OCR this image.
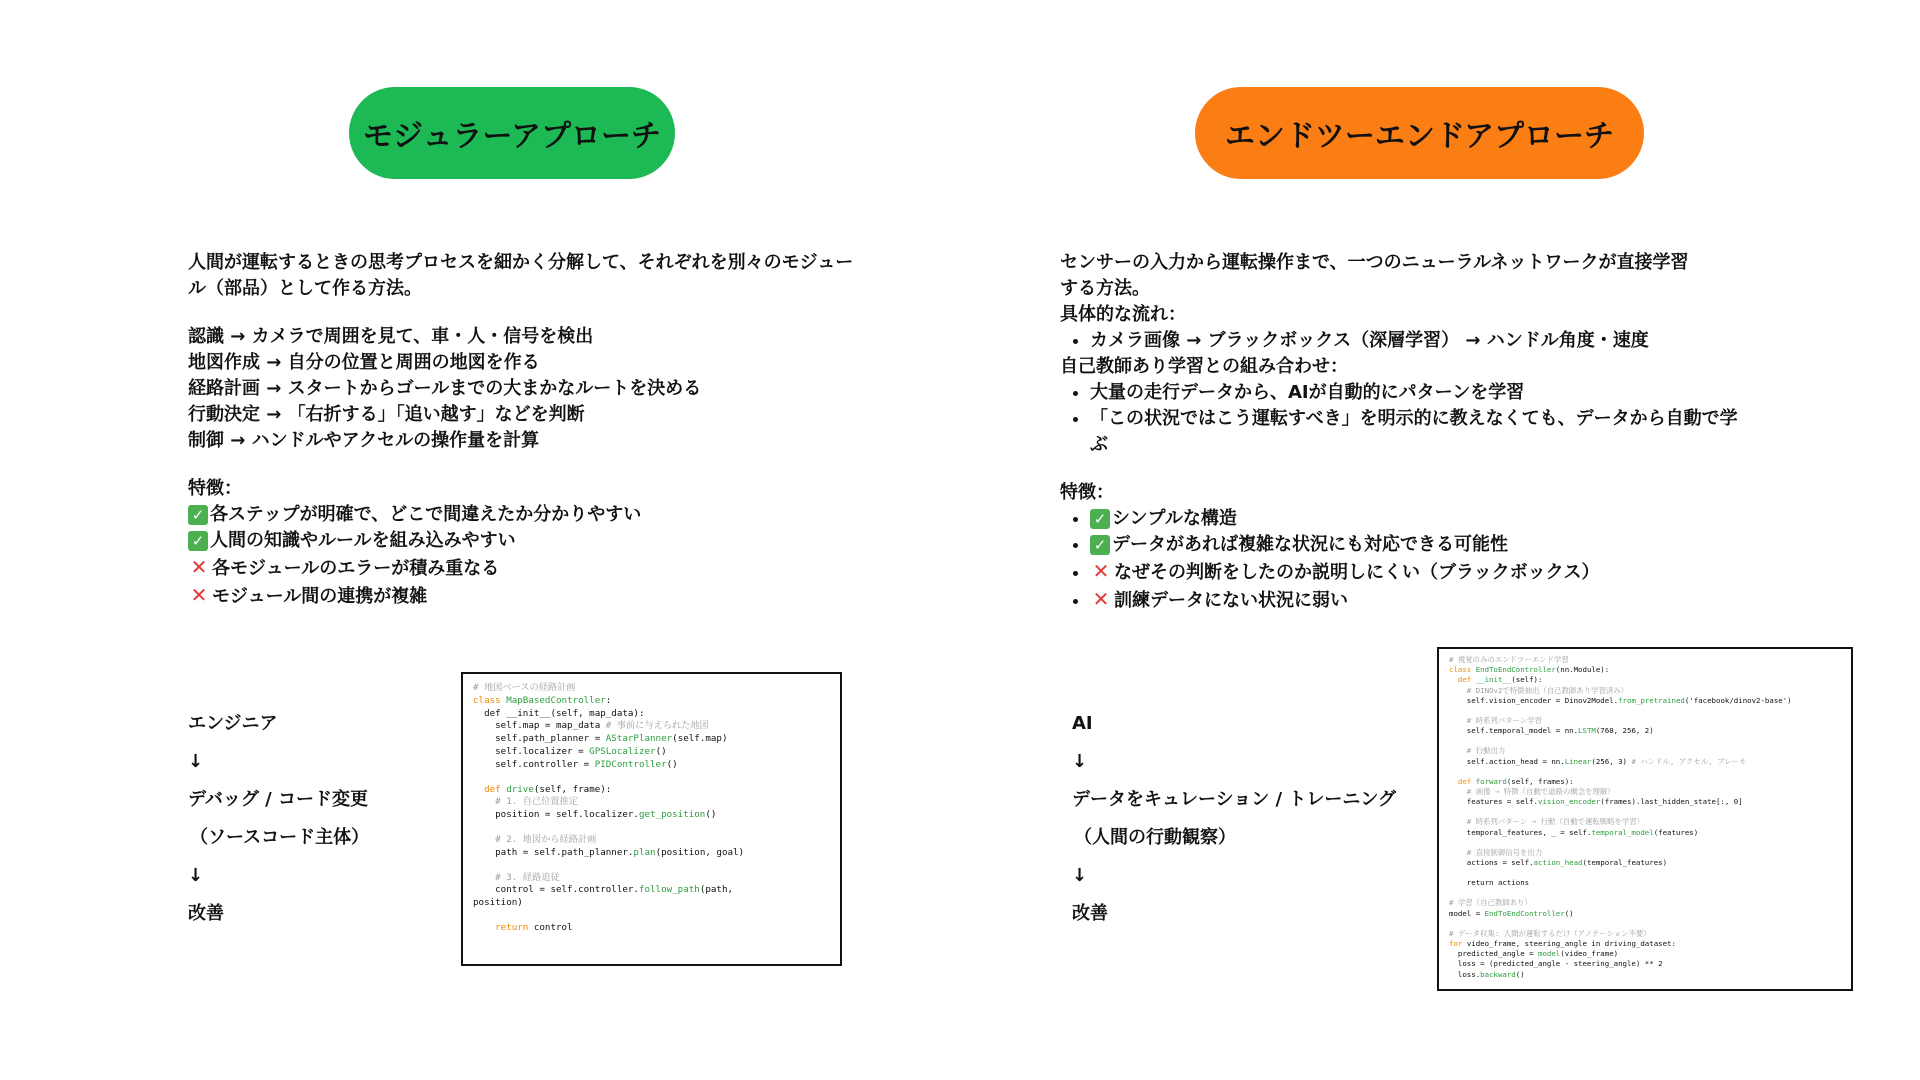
モジュラーアプローチ	エンドツーエンドアプローチ

人間が運転するときの思考プロセスを細かく分解して、それぞれを別々のモジュー

ル（部品）として作る方法。

認識 → カメラで周囲を見て、車・人・信号を検出

地図作成 → 自分の位置と周囲の地図を作る

経路計画 → スタートからゴールまでの大まかなルートを決める

行動決定 → 「右折する」「追い越す」などを判断

制御 → ハンドルやアクセルの操作量を計算

特徴：

✓ 各ステップが明確で、どこで間違えたか分かりやすい

✓ 人間の知識やルールを組み込みやすい

✕ 各モジュールのエラーが積み重なる

✕ モジュール間の連携が複雑

センサーの入力から運転操作まで、一つのニューラルネットワークが直接学習

する方法。

具体的な流れ：

• カメラ画像 → ブラックボックス（深層学習） → ハンドル角度・速度

自己教師あり学習との組み合わせ：

• 大量の走行データから、AIが自動的にパターンを学習
• 「この状況ではこう運転すべき」を明示的に教えなくても、データから自動で学ぶ

特徴：

• ✓ シンプルな構造
• ✓ データがあれば複雑な状況にも対応できる可能性
• ✕ なぜその判断をしたのか説明しにくい（ブラックボックス）
• ✕ 訓練データにない状況に弱い
エンジニア
↓
デバッグ / コード変更
（ソースコード主体）
↓
改善
AI
↓
データをキュレーション / トレーニング
（人間の行動観察）
↓
改善
# 地図ベースの経路計画
class MapBasedController:
def __init__(self, map_data):
self.map = map_data # 事前に与えられた地図
self.path_planner = AStarPlanner(self.map)
self.localizer = GPSLocalizer()
self.controller = PIDController()
def drive(self, frame):
# 1. 自己位置推定
position = self.localizer.get_position()
# 2. 地図から経路計画
path = self.path_planner.plan(position, goal)
# 3. 経路追従
control = self.controller.follow_path(path,
position)
return control
# 視覚のみのエンドツーエンド学習
class EndToEndController(nn.Module):
def __init__(self):
# DINOv2で特徴抽出（自己教師あり学習済み）
self.vision_encoder = Dinov2Model.from_pretrained('facebook/dinov2-base')
# 時系列パターン学習
self.temporal_model = nn.LSTM(768, 256, 2)
# 行動出力
self.action_head = nn.Linear(256, 3) # ハンドル, アクセル, ブレーキ
def forward(self, frames):
# 画像 → 特徴（自動で道路の概念を理解）
features = self.vision_encoder(frames).last_hidden_state[:, 0]
# 時系列パターン → 行動（自動で運転戦略を学習）
temporal_features, _ = self.temporal_model(features)
# 直接制御信号を出力
actions = self.action_head(temporal_features)
return actions
# 学習（自己教師あり）
model = EndToEndController()
# データ収集: 人間が運転するだけ（アノテーション不要）
for video_frame, steering_angle in driving_dataset:
predicted_angle = model(video_frame)
loss = (predicted_angle - steering_angle) ** 2
loss.backward()
